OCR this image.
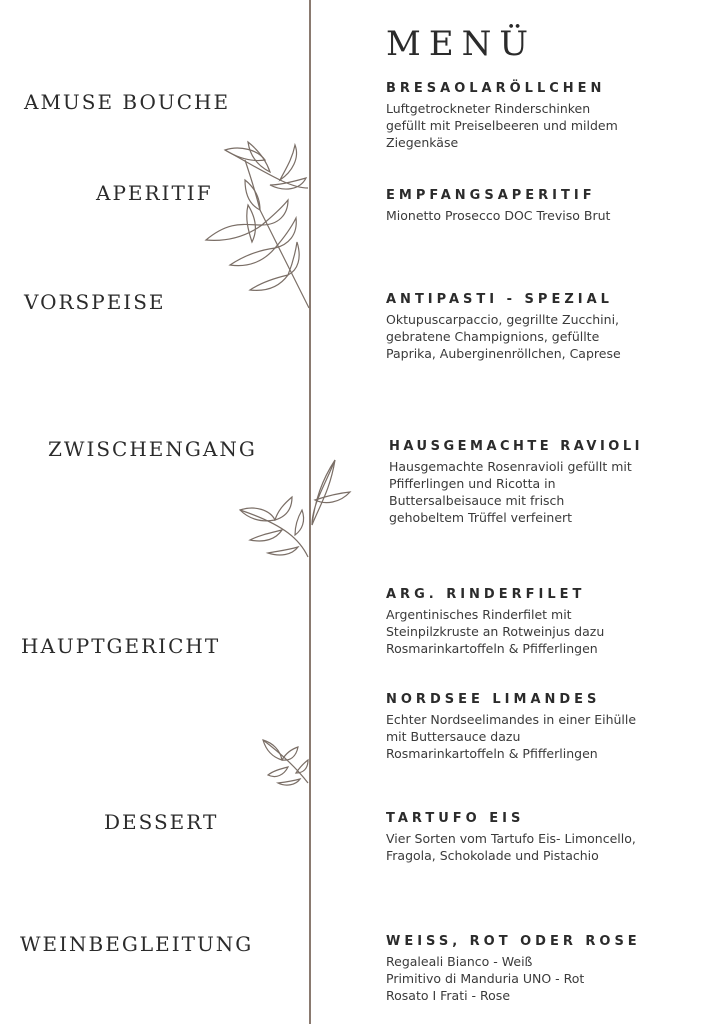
MENÜ
AMUSE BOUCHE
APERITIF
VORSPEISE
ZWISCHENGANG
HAUPTGERICHT
DESSERT
WEINBEGLEITUNG
BRESAOLARÖLLCHEN
Luftgetrockneter Rinderschinken
gefüllt mit Preiselbeeren und mildem
Ziegenkäse
EMPFANGSAPERITIF
Mionetto Prosecco DOC Treviso Brut
ANTIPASTI - SPEZIAL
Oktupuscarpaccio, gegrillte Zucchini,
gebratene Champignions, gefüllte
Paprika, Auberginenröllchen, Caprese
HAUSGEMACHTE RAVIOLI
Hausgemachte Rosenravioli gefüllt mit
Pfifferlingen und Ricotta in
Buttersalbeisauce mit frisch
gehobeltem Trüffel verfeinert
ARG. RINDERFILET
Argentinisches Rinderfilet mit
Steinpilzkruste an Rotweinjus dazu
Rosmarinkartoffeln & Pfifferlingen
NORDSEE LIMANDES
Echter Nordseelimandes in einer Eihülle
mit Buttersauce dazu
Rosmarinkartoffeln & Pfifferlingen
TARTUFO EIS
Vier Sorten vom Tartufo Eis- Limoncello,
Fragola, Schokolade und Pistachio
WEISS, ROT ODER ROSE
Regaleali Bianco - Weiß
Primitivo di Manduria UNO - Rot
Rosato I Frati - Rose
